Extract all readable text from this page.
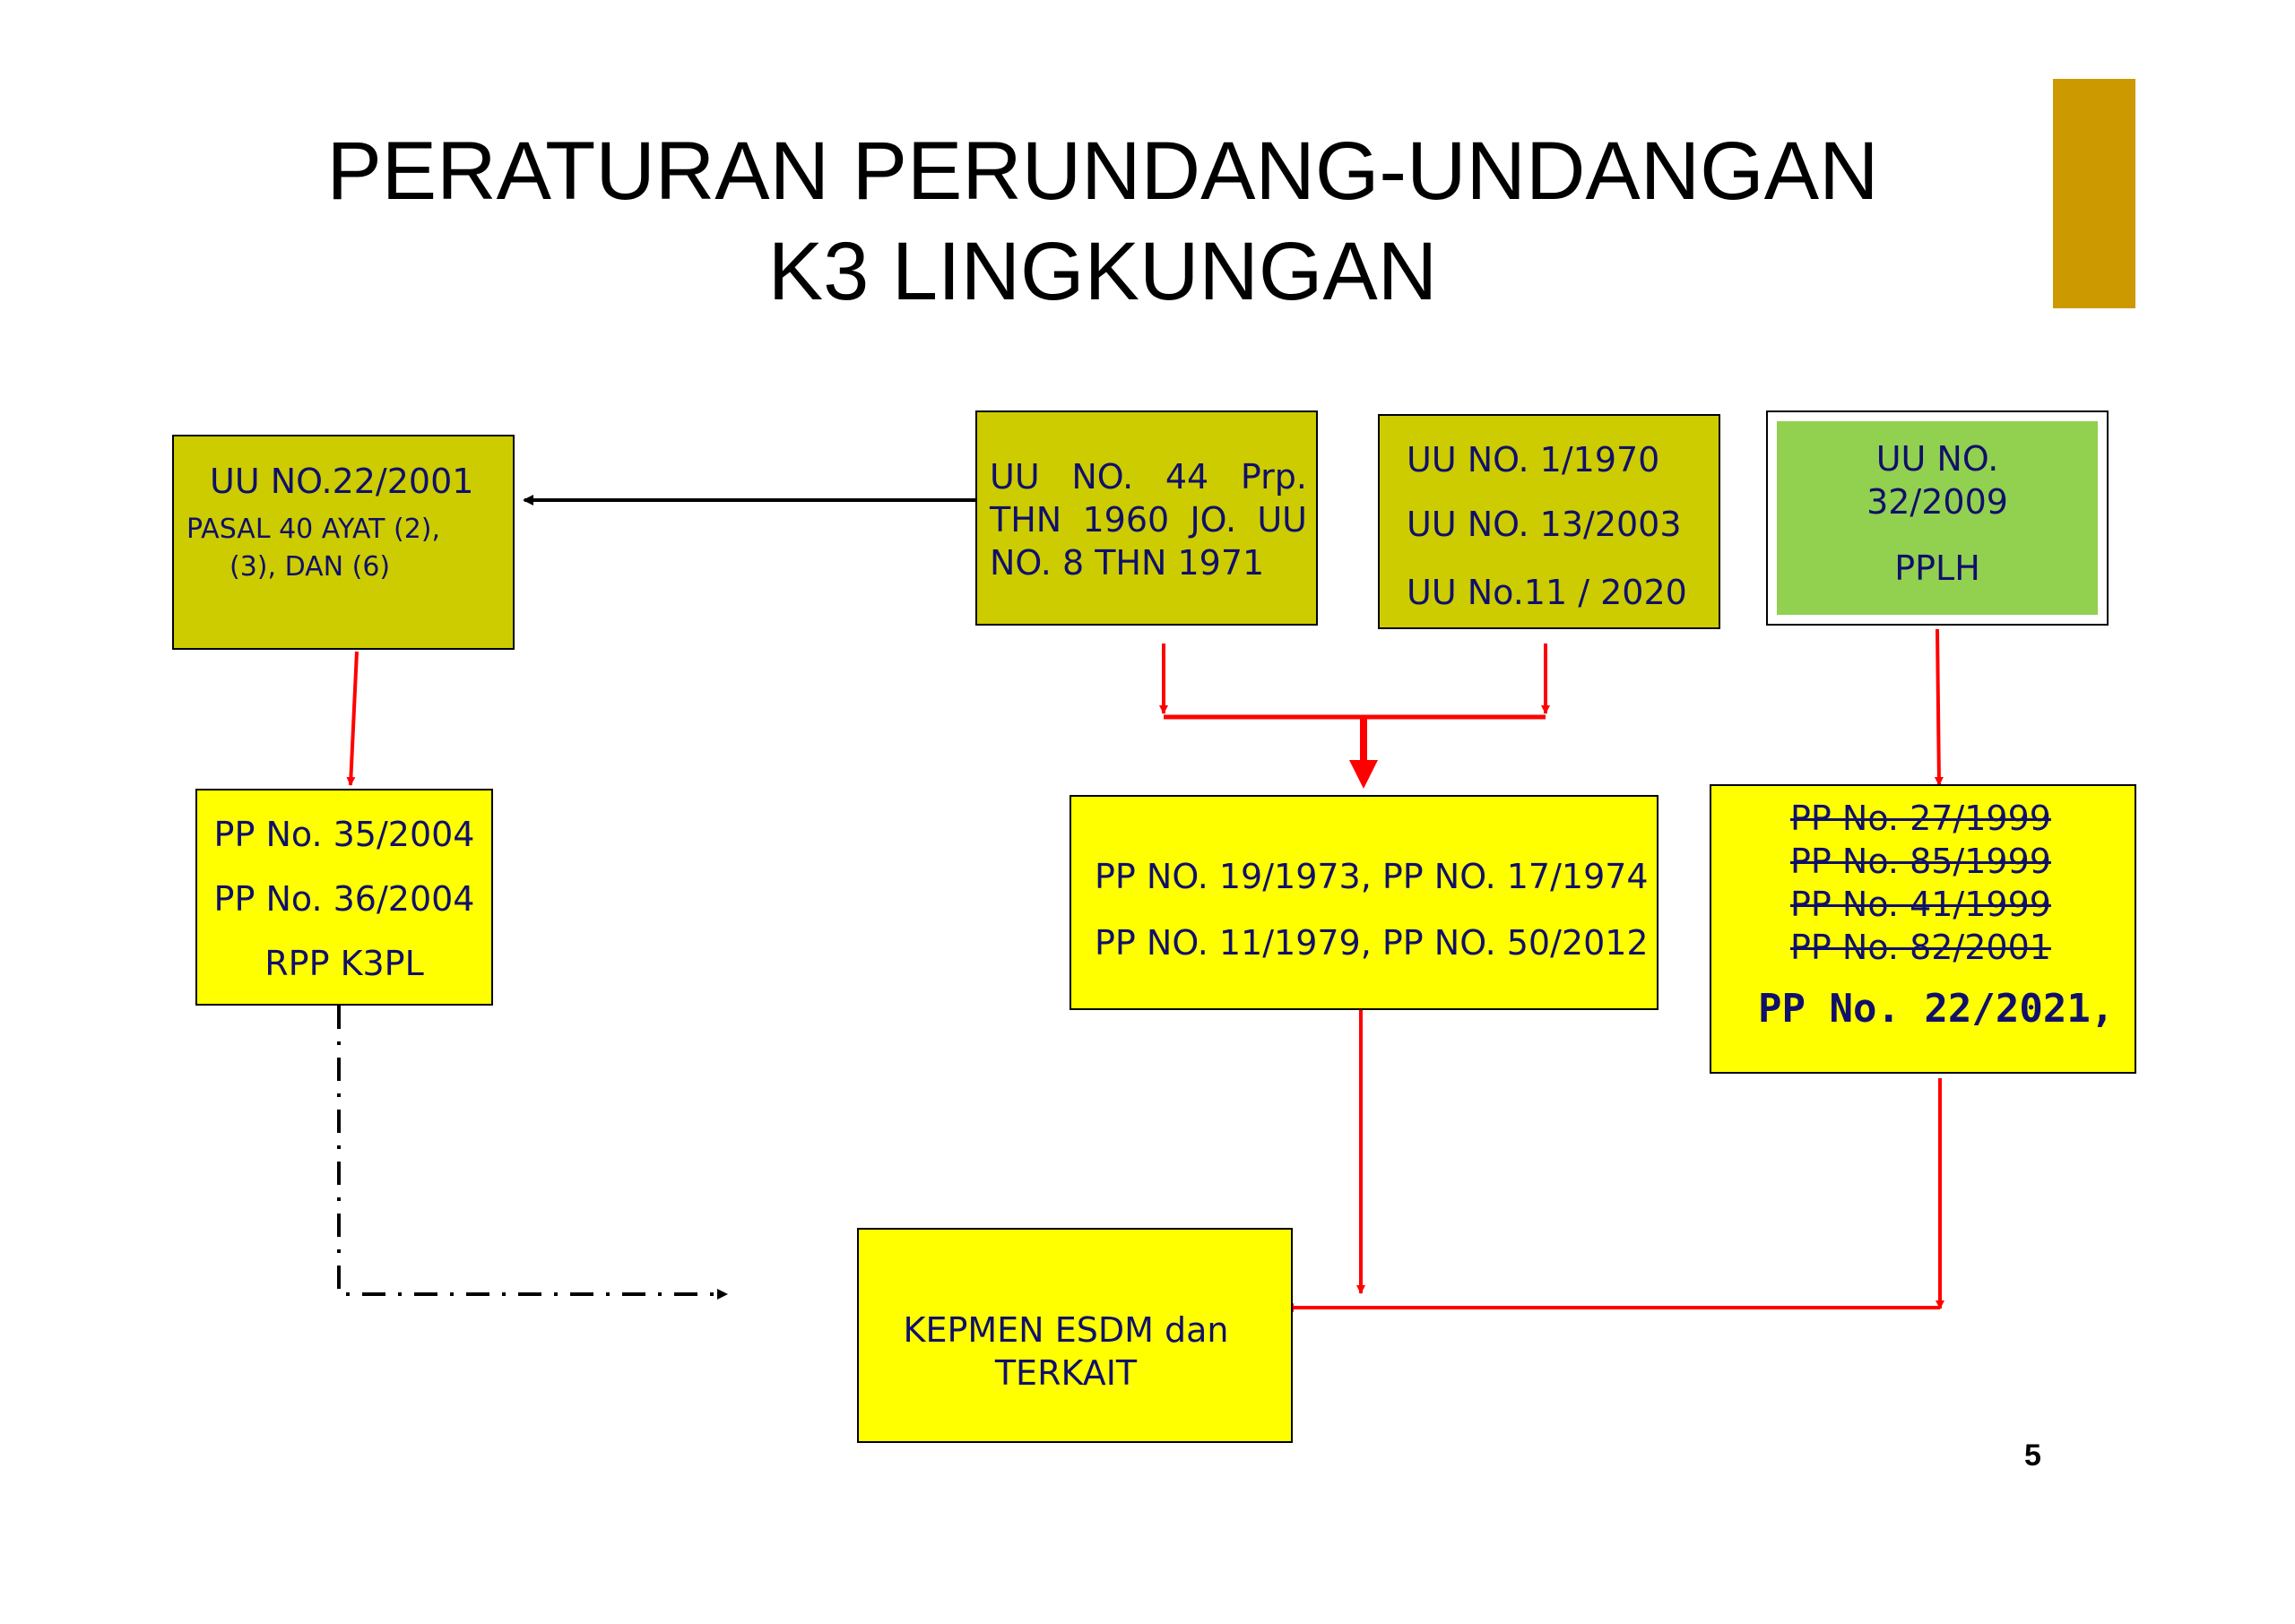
PERATURAN PERUNDANG-UNDANGAN
K3 LINGKUNGAN
UU NO.22/2001
PASAL 40 AYAT (2),
(3), DAN (6)
UU NO. 44 Prp.
THN 1960 JO. UU
NO. 8 THN 1971
UU NO. 1/1970
UU NO. 13/2003
UU No.11 / 2020
UU NO.
32/2009
PPLH
PP No. 35/2004
PP No. 36/2004
RPP K3PL
PP NO. 19/1973, PP NO. 17/1974
PP NO. 11/1979, PP NO. 50/2012
PP No. 27/1999
PP No. 85/1999
PP No. 41/1999
PP No. 82/2001
PP No. 22/2021,
KEPMEN ESDM dan
TERKAIT
5
